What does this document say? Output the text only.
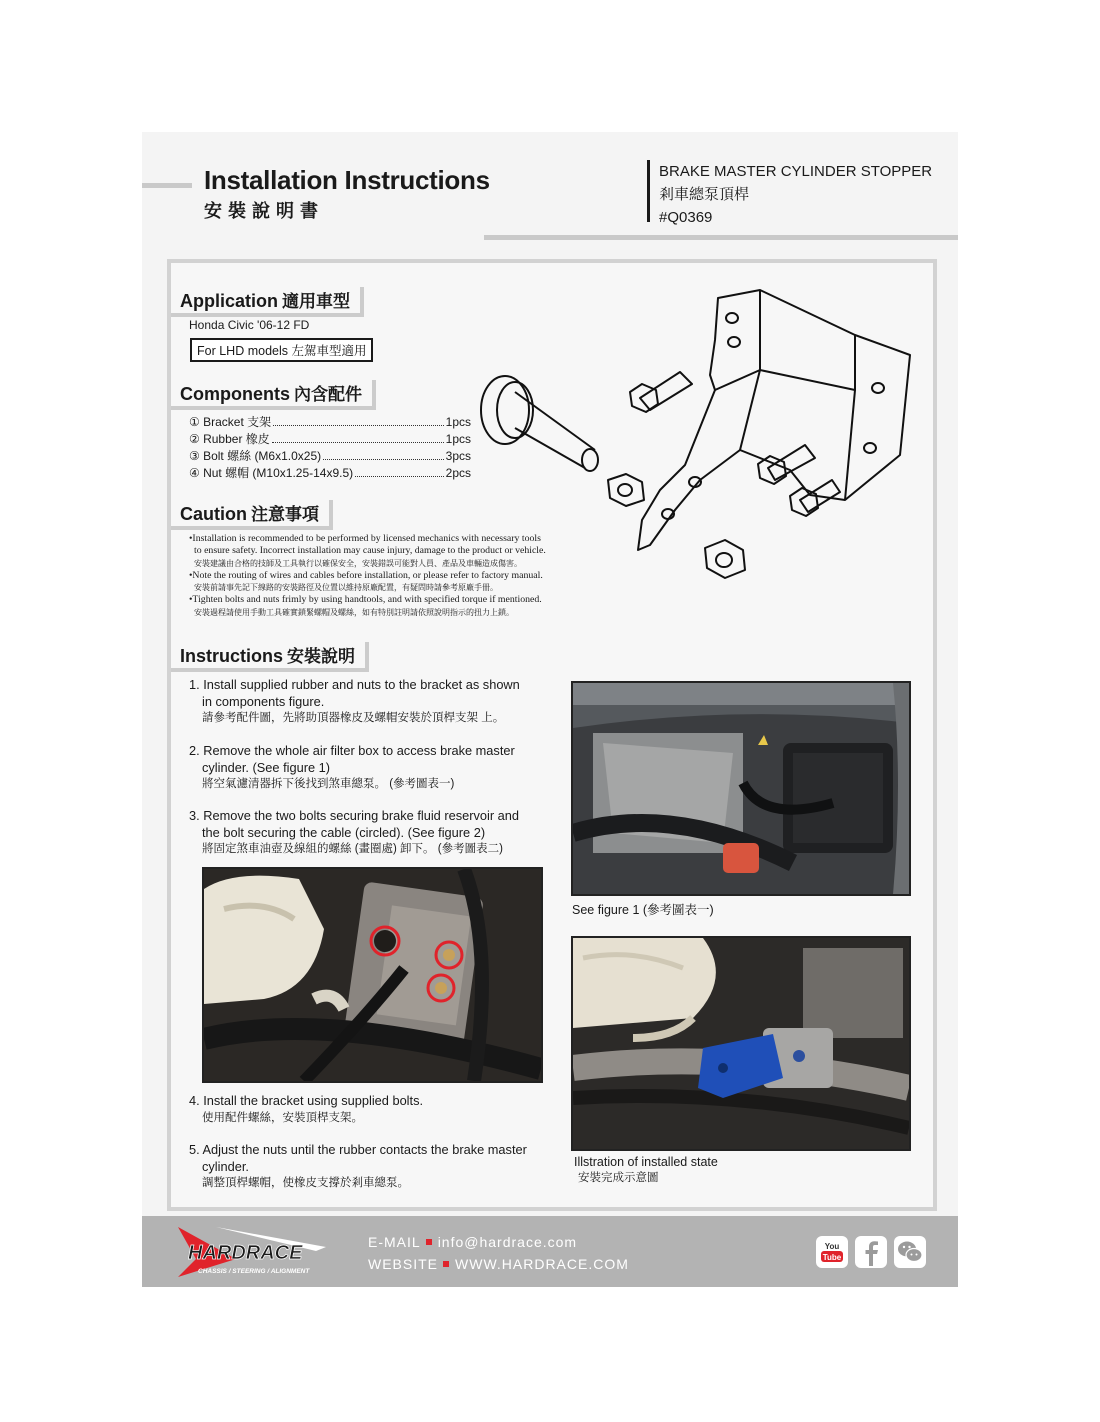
Installation Instructions
安裝說明書
BRAKE MASTER CYLINDER STOPPER
剎車總泵頂桿
#Q0369
Application 適用車型
Honda Civic '06-12 FD
For LHD models 左駕車型適用
Components 內含配件
① Bracket 支架	1pcs
② Rubber 橡皮	1pcs
③ Bolt 螺絲 (M6x1.0x25)	3pcs
④ Nut 螺帽 (M10x1.25-14x9.5)	2pcs
Caution 注意事項
•Installation is recommended to be performed by licensed mechanics with necessary tools
to ensure safety. Incorrect installation may cause injury, damage to the product or vehicle.
安裝建議由合格的技師及工具執行以確保安全，安裝錯誤可能對人員、產品及車輛造成傷害。
•Note the routing of wires and cables before installation, or please refer to factory manual.
安裝前請事先記下線路的安裝路徑及位置以維持原廠配置，有疑問時請參考原廠手冊。
•Tighten bolts and nuts frimly by using handtools, and with specified torque if mentioned.
安裝過程請使用手動工具確實鎖緊螺帽及螺絲，如有特別註明請依照說明指示的扭力上鎖。
Instructions 安裝說明
1. Install supplied rubber and nuts to the bracket as shown
in components figure.
請參考配件圖，先將助頂器橡皮及螺帽安裝於頂桿支架 上。
2. Remove the whole air filter box to access brake master
cylinder. (See figure 1)
將空氣濾清器拆下後找到煞車總泵。 (參考圖表一)
3. Remove the two bolts securing brake fluid reservoir and
the bolt securing the cable (circled). (See figure 2)
將固定煞車油壺及線組的螺絲 (畫圈處) 卸下。 (參考圖表二)
4. Install the bracket using supplied bolts.
使用配件螺絲，安裝頂桿支架。
5. Adjust the nuts until the rubber contacts the brake master
cylinder.
調整頂桿螺帽，使橡皮支撐於剎車總泵。
See figure 1 (參考圖表一)
Illstration of installed state
安裝完成示意圖
HARDRACE
CHASSIS / STEERING / ALIGNMENT
E-MAIL info@hardrace.com
WEBSITE WWW.HARDRACE.COM
You
Tube
